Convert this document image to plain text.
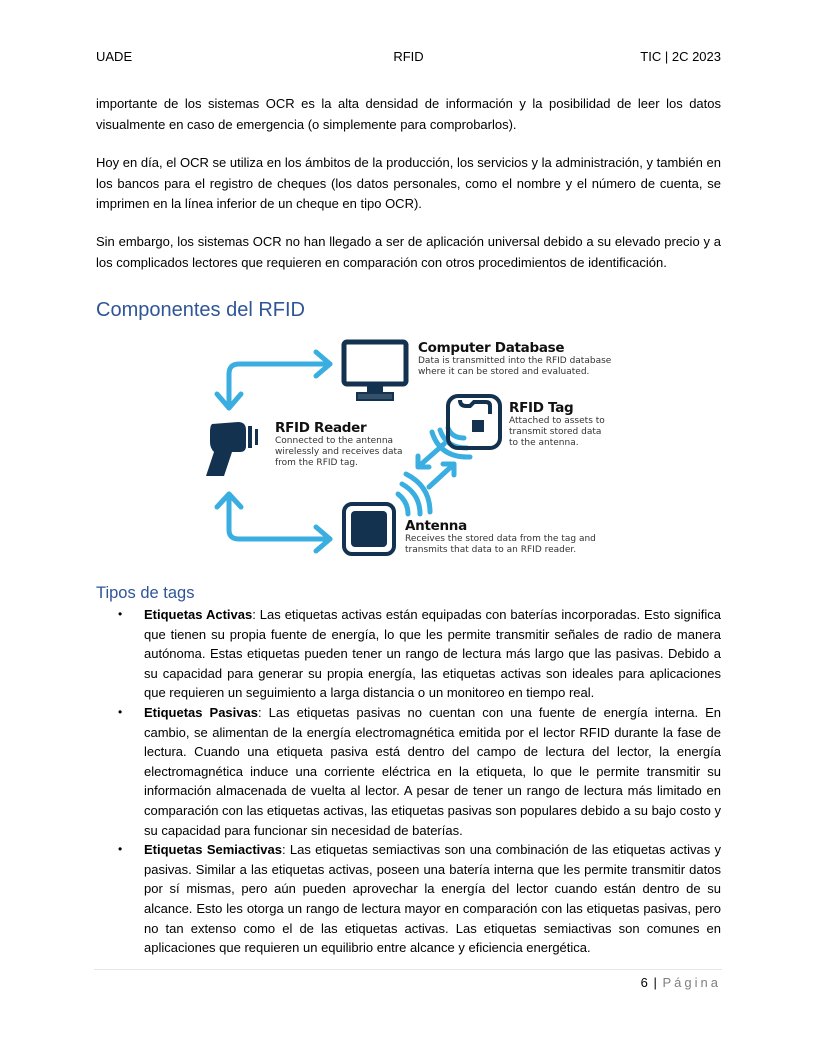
UADE	RFID	TIC | 2C 2023

importante de los sistemas OCR es la alta densidad de información y la posibilidad de leer los datos visualmente en caso de emergencia (o simplemente para comprobarlos).

Hoy en día, el OCR se utiliza en los ámbitos de la producción, los servicios y la administración, y también en los bancos para el registro de cheques (los datos personales, como el nombre y el número de cuenta, se imprimen en la línea inferior de un cheque en tipo OCR).

Sin embargo, los sistemas OCR no han llegado a ser de aplicación universal debido a su elevado precio y a los complicados lectores que requieren en comparación con otros procedimientos de identificación.

Componentes del RFID
Computer Database
Data is transmitted into the RFID database
where it can be stored and evaluated.
RFID Tag
Attached to assets to
transmit stored data
to the antenna.
RFID Reader
Connected to the antenna
wirelessly and receives data
from the RFID tag.
Antenna
Receives the stored data from the tag and
transmits that data to an RFID reader.
Tipos de tags
• Etiquetas Activas: Las etiquetas activas están equipadas con baterías incorporadas. Esto significa que tienen su propia fuente de energía, lo que les permite transmitir señales de radio de manera autónoma. Estas etiquetas pueden tener un rango de lectura más largo que las pasivas. Debido a su capacidad para generar su propia energía, las etiquetas activas son ideales para aplicaciones que requieren un seguimiento a larga distancia o un monitoreo en tiempo real.
• Etiquetas Pasivas: Las etiquetas pasivas no cuentan con una fuente de energía interna. En cambio, se alimentan de la energía electromagnética emitida por el lector RFID durante la fase de lectura. Cuando una etiqueta pasiva está dentro del campo de lectura del lector, la energía electromagnética induce una corriente eléctrica en la etiqueta, lo que le permite transmitir su información almacenada de vuelta al lector. A pesar de tener un rango de lectura más limitado en comparación con las etiquetas activas, las etiquetas pasivas son populares debido a su bajo costo y su capacidad para funcionar sin necesidad de baterías.
• Etiquetas Semiactivas: Las etiquetas semiactivas son una combinación de las etiquetas activas y pasivas. Similar a las etiquetas activas, poseen una batería interna que les permite transmitir datos por sí mismas, pero aún pueden aprovechar la energía del lector cuando están dentro de su alcance. Esto les otorga un rango de lectura mayor en comparación con las etiquetas pasivas, pero no tan extenso como el de las etiquetas activas. Las etiquetas semiactivas son comunes en aplicaciones que requieren un equilibrio entre alcance y eficiencia energética.
6 | Página
